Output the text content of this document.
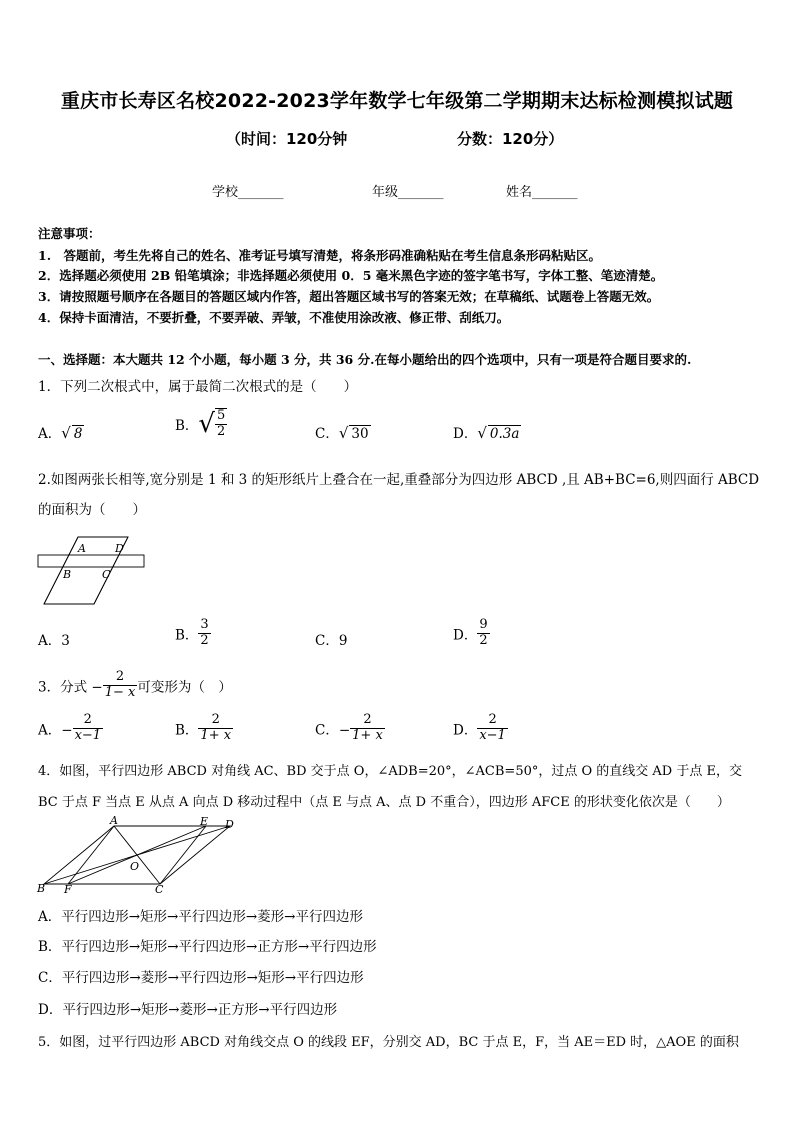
重庆市长寿区名校2022-2023学年数学七年级第二学期期末达标检测模拟试题
（时间：120分钟	分数：120分）
学校_______	年级_______	姓名_______
注意事项：
1.　答题前，考生先将自己的姓名、准考证号填写清楚，将条形码准确粘贴在考生信息条形码粘贴区。
2．选择题必须使用 2B 铅笔填涂；非选择题必须使用 0．5 毫米黑色字迹的签字笔书写，字体工整、笔迹清楚。
3．请按照题号顺序在各题目的答题区域内作答，超出答题区域书写的答案无效；在草稿纸、试题卷上答题无效。
4．保持卡面清洁，不要折叠，不要弄破、弄皱，不准使用涂改液、修正带、刮纸刀。
一、选择题：本大题共 12 个小题，每小题 3 分，共 36 分.在每小题给出的四个选项中，只有一项是符合题目要求的.
1．下列二次根式中，属于最简二次根式的是（　　）
A．√ 8
B．√ $\frac{5}{2}$	C．√ 30	D．√ 0.3a
2.如图两张长相等,宽分别是 1 和 3 的矩形纸片上叠合在一起,重叠部分为四边形 ABCD ,且 AB+BC=6,则四面行 ABCD
的面积为（　　）
A	D
B	C
A．3	B． $\frac{3}{2}$	C．9	D． $\frac{9}{2}$
3．分式 − $\frac{2}{1- x}$ 可变形为（　）
A．− $\frac{2}{x-1}$	B． $\frac{2}{1+ x}$	C．− $\frac{2}{1+ x}$	D． $\frac{2}{x-1}$
4．如图，平行四边形 ABCD 对角线 AC、BD 交于点 O，∠ADB=20°，∠ACB=50°，过点 O 的直线交 AD 于点 E，交
BC 于点 F 当点 E 从点 A 向点 D 移动过程中（点 E 与点 A、点 D 不重合），四边形 AFCE 的形状变化依次是（　　）
A	E D
O
B F	C
A．平行四边形→矩形→平行四边形→菱形→平行四边形
B．平行四边形→矩形→平行四边形→正方形→平行四边形
C．平行四边形→菱形→平行四边形→矩形→平行四边形
D．平行四边形→矩形→菱形→正方形→平行四边形
5．如图，过平行四边形 ABCD 对角线交点 O 的线段 EF，分别交 AD，BC 于点 E，F，当 AE＝ED 时，△AOE 的面积
